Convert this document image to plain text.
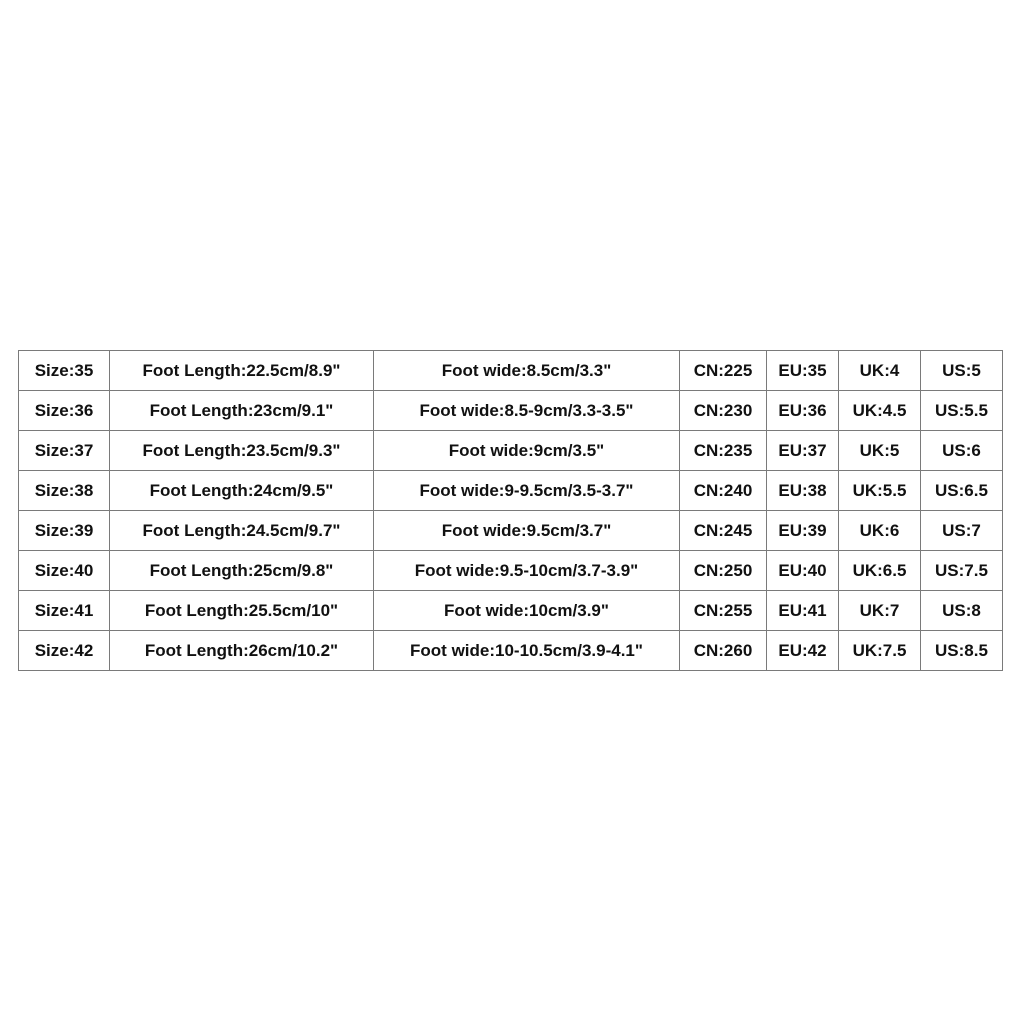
Size:35	Foot Length:22.5cm/8.9"	Foot wide:8.5cm/3.3"	CN:225	EU:35	UK:4	US:5
Size:36	Foot Length:23cm/9.1"	Foot wide:8.5-9cm/3.3-3.5"	CN:230	EU:36	UK:4.5	US:5.5
Size:37	Foot Length:23.5cm/9.3"	Foot wide:9cm/3.5"	CN:235	EU:37	UK:5	US:6
Size:38	Foot Length:24cm/9.5"	Foot wide:9-9.5cm/3.5-3.7"	CN:240	EU:38	UK:5.5	US:6.5
Size:39	Foot Length:24.5cm/9.7"	Foot wide:9.5cm/3.7"	CN:245	EU:39	UK:6	US:7
Size:40	Foot Length:25cm/9.8"	Foot wide:9.5-10cm/3.7-3.9"	CN:250	EU:40	UK:6.5	US:7.5
Size:41	Foot Length:25.5cm/10"	Foot wide:10cm/3.9"	CN:255	EU:41	UK:7	US:8
Size:42	Foot Length:26cm/10.2"	Foot wide:10-10.5cm/3.9-4.1"	CN:260	EU:42	UK:7.5	US:8.5
